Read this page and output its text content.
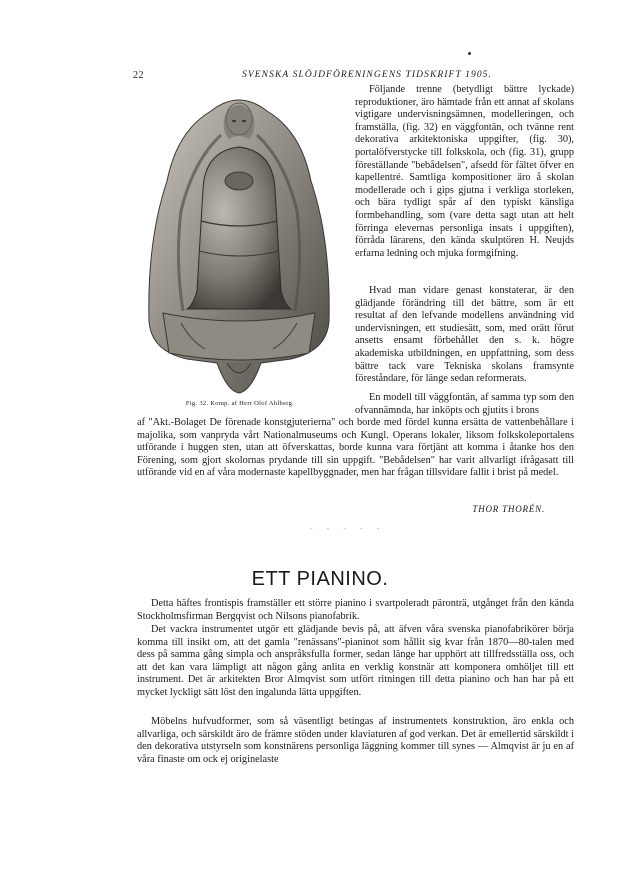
22	SVENSKA SLÖJDFÖRENINGENS TIDSKRIFT 1905.
Fig. 32. Komp. af Herr Olof Ahlberg.

Följande trenne (betydligt bättre lyckade) reproduktioner, äro hämtade från ett annat af skolans vigtigare undervisningsämnen, modelleringen, och framställa, (fig. 32) en väggfontän, och tvänne rent dekorativa arkitektoniska uppgifter, (fig. 30), portalöfverstycke till folkskola, och (fig. 31), grupp föreställande "bebådelsen", afsedd för fältet öfver en kapellentré. Samtliga kompositioner äro å skolan modellerade och i gips gjutna i verkliga storleken, och bära tydligt spår af den typiskt känsliga formbehandling, som (vare detta sagt utan att helt förringa elevernas personliga insats i uppgiften), förråda lärarens, den kända skulptören H. Neujds erfarna ledning och mjuka formgifning.

Hvad man vidare genast konstaterar, är den glädjande förändring till det bättre, som är ett resultat af den lefvande modellens användning vid undervisningen, ett studiesätt, som, med orätt förut ansetts ensamt förbehållet den s. k. högre akademiska utbildningen, en uppfattning, som dess bättre tack vare Tekniska skolans framsynte föreståndare, för länge sedan reformerats.

En modell till väggfontän, af samma typ som den ofvannämnda, har inköpts och gjutits i brons

af "Akt.-Bolaget De förenade konstgjuterierna" och borde med fördel kunna ersätta de vattenbehållare i majolika, som vanpryda vårt Nationalmuseums och Kungl. Operans lokaler, liksom folkskoleportalens utförande i huggen sten, utan att öfverskattas, borde kunna vara förtjänt att komma i åtanke hos den Förening, som gjort skolornas prydande till sin uppgift. "Bebådelsen" har varit allvarligt ifrågasatt till utförande vid en af våra modernaste kapellbyggnader, men har frågan tillsvidare fallit i brist på medel.

THOR THORÉN.
- - - - -
ETT PIANINO.

Detta häftes frontispis framställer ett större pianino i svartpoleradt päronträ, utgånget från den kända Stockholmsfirman Bergqvist och Nilsons pianofabrik.

Det vackra instrumentet utgör ett glädjande bevis på, att äfven våra svenska pianofabrikörer börja komma till insikt om, att det gamla "renässans"-pianinot som hållit sig kvar från 1870—80-talen med dess på samma gång simpla och anspråksfulla former, sedan länge har upphört att tillfredsställa oss, och att det kan vara lämpligt att någon gång anlita en verklig konstnär att komponera omhöljet till ett instrument. Det är arkitekten Bror Almqvist som utfört ritningen till detta pianino och han har på ett mycket lyckligt sätt löst den ingalunda lätta uppgiften.

Möbelns hufvudformer, som så väsentligt betingas af instrumentets konstruktion, äro enkla och allvarliga, och särskildt äro de främre stöden under klaviaturen af god verkan. Det är emellertid särskildt i den dekorativa utstyrseln som konstnärens personliga läggning kommer till synes — Almqvist är ju en af våra finaste om ock ej originelaste
